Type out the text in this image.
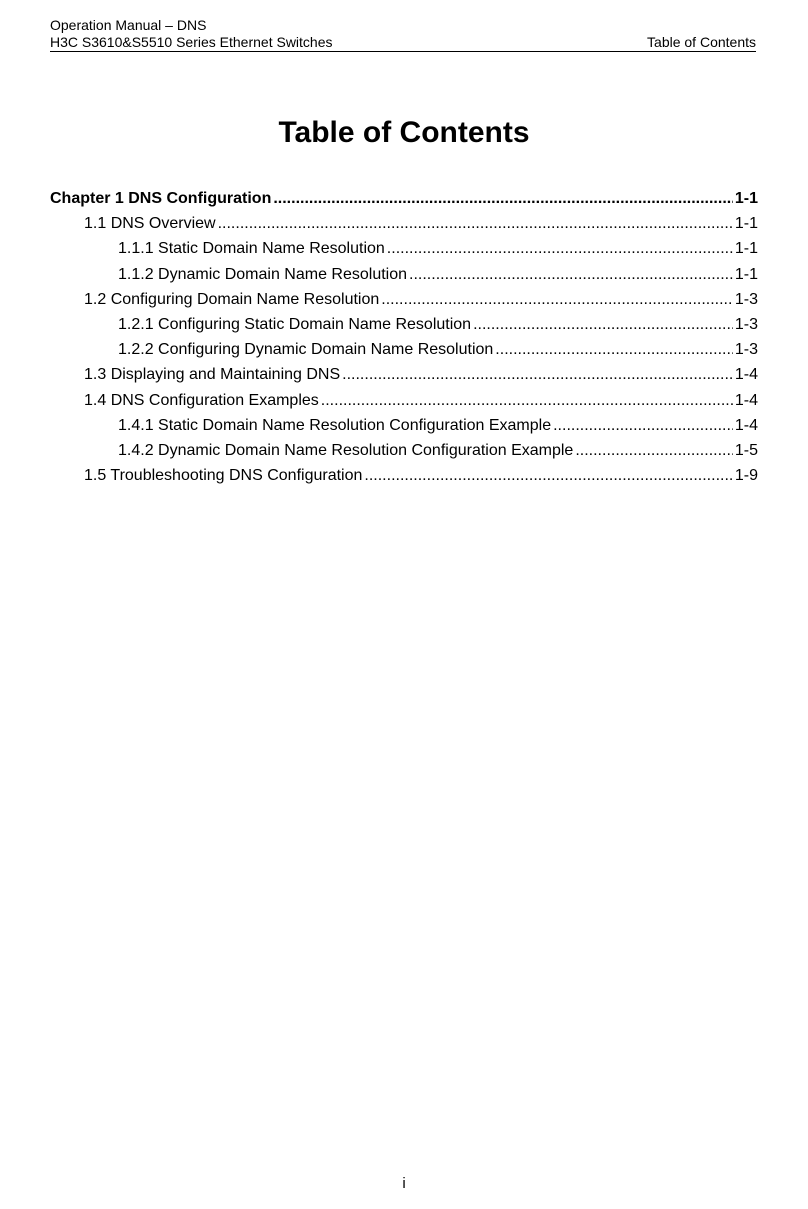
Operation Manual – DNS
H3C S3610&S5510 Series Ethernet Switches	Table of Contents
Table of Contents
Chapter 1 DNS Configuration .....	1-1
1.1 DNS Overview .....	1-1
1.1.1 Static Domain Name Resolution .....	1-1
1.1.2 Dynamic Domain Name Resolution .....	1-1
1.2 Configuring Domain Name Resolution .....	1-3
1.2.1 Configuring Static Domain Name Resolution .....	1-3
1.2.2 Configuring Dynamic Domain Name Resolution .....	1-3
1.3 Displaying and Maintaining DNS .....	1-4
1.4 DNS Configuration Examples .....	1-4
1.4.1 Static Domain Name Resolution Configuration Example .....	1-4
1.4.2 Dynamic Domain Name Resolution Configuration Example .....	1-5
1.5 Troubleshooting DNS Configuration .....	1-9
i
